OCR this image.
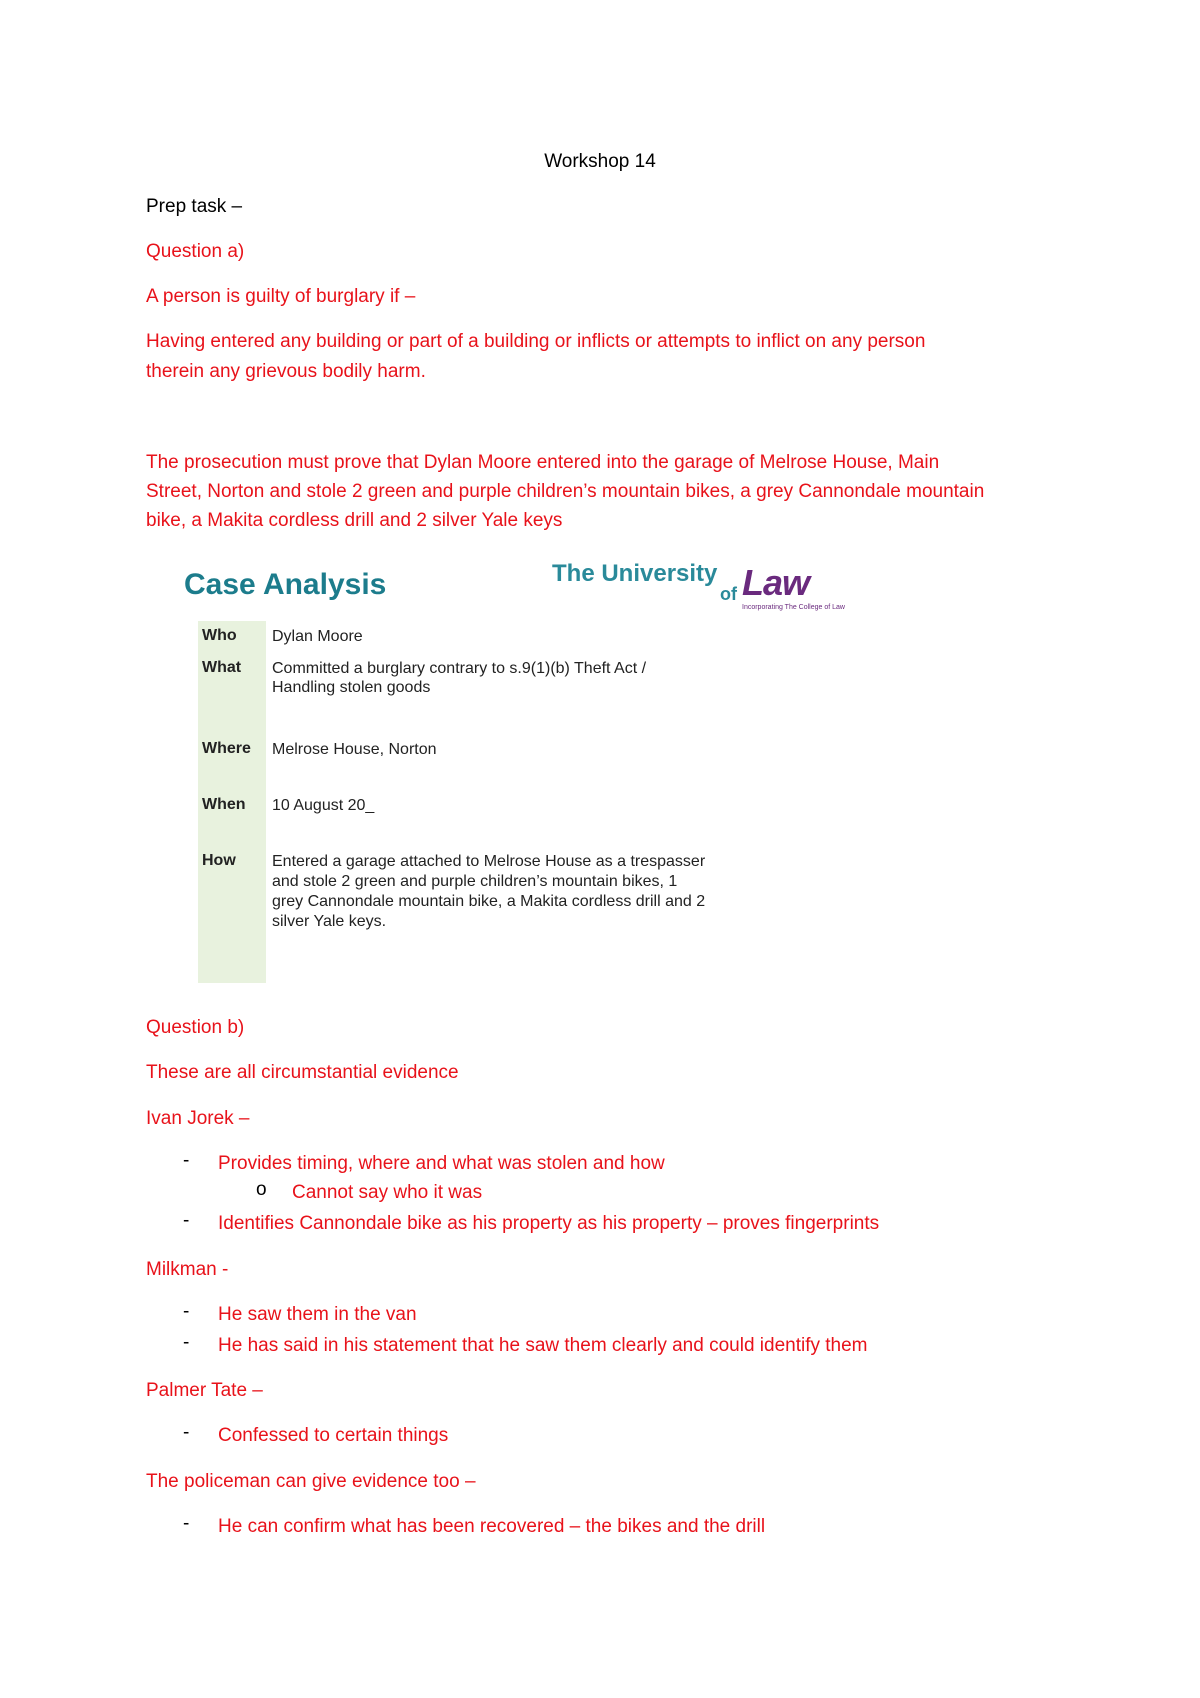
Workshop 14
Prep task –
Question a)
A person is guilty of burglary if –
Having entered any building or part of a building or inflicts or attempts to inflict on any person
therein any grievous bodily harm.
The prosecution must prove that Dylan Moore entered into the garage of Melrose House, Main
Street, Norton and stole 2 green and purple children’s mountain bikes, a grey Cannondale mountain
bike, a Makita cordless drill and 2 silver Yale keys
Case Analysis	The University
of Law
Incorporating The College of Law
Who Dylan Moore
What Committed a burglary contrary to s.9(1)(b) Theft Act /
Handling stolen goods
Where Melrose House, Norton
When 10 August 20_
How Entered a garage attached to Melrose House as a trespasser
and stole 2 green and purple children’s mountain bikes, 1
grey Cannondale mountain bike, a Makita cordless drill and 2
silver Yale keys.
Question b)
These are all circumstantial evidence
Ivan Jorek –
- Provides timing, where and what was stolen and how
o Cannot say who it was
- Identifies Cannondale bike as his property as his property – proves fingerprints
Milkman -
- He saw them in the van
- He has said in his statement that he saw them clearly and could identify them
Palmer Tate –
- Confessed to certain things
The policeman can give evidence too –
- He can confirm what has been recovered – the bikes and the drill
